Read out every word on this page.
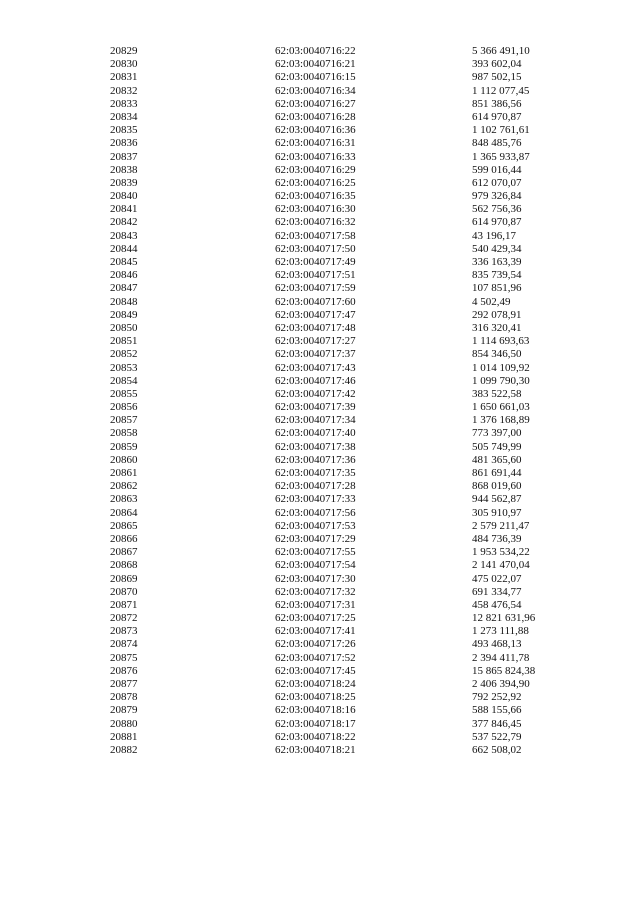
20829	62:03:0040716:22	5 366 491,10
20830	62:03:0040716:21	393 602,04
20831	62:03:0040716:15	987 502,15
20832	62:03:0040716:34	1 112 077,45
20833	62:03:0040716:27	851 386,56
20834	62:03:0040716:28	614 970,87
20835	62:03:0040716:36	1 102 761,61
20836	62:03:0040716:31	848 485,76
20837	62:03:0040716:33	1 365 933,87
20838	62:03:0040716:29	599 016,44
20839	62:03:0040716:25	612 070,07
20840	62:03:0040716:35	979 326,84
20841	62:03:0040716:30	562 756,36
20842	62:03:0040716:32	614 970,87
20843	62:03:0040717:58	43 196,17
20844	62:03:0040717:50	540 429,34
20845	62:03:0040717:49	336 163,39
20846	62:03:0040717:51	835 739,54
20847	62:03:0040717:59	107 851,96
20848	62:03:0040717:60	4 502,49
20849	62:03:0040717:47	292 078,91
20850	62:03:0040717:48	316 320,41
20851	62:03:0040717:27	1 114 693,63
20852	62:03:0040717:37	854 346,50
20853	62:03:0040717:43	1 014 109,92
20854	62:03:0040717:46	1 099 790,30
20855	62:03:0040717:42	383 522,58
20856	62:03:0040717:39	1 650 661,03
20857	62:03:0040717:34	1 376 168,89
20858	62:03:0040717:40	773 397,00
20859	62:03:0040717:38	505 749,99
20860	62:03:0040717:36	481 365,60
20861	62:03:0040717:35	861 691,44
20862	62:03:0040717:28	868 019,60
20863	62:03:0040717:33	944 562,87
20864	62:03:0040717:56	305 910,97
20865	62:03:0040717:53	2 579 211,47
20866	62:03:0040717:29	484 736,39
20867	62:03:0040717:55	1 953 534,22
20868	62:03:0040717:54	2 141 470,04
20869	62:03:0040717:30	475 022,07
20870	62:03:0040717:32	691 334,77
20871	62:03:0040717:31	458 476,54
20872	62:03:0040717:25	12 821 631,96
20873	62:03:0040717:41	1 273 111,88
20874	62:03:0040717:26	493 468,13
20875	62:03:0040717:52	2 394 411,78
20876	62:03:0040717:45	15 865 824,38
20877	62:03:0040718:24	2 406 394,90
20878	62:03:0040718:25	792 252,92
20879	62:03:0040718:16	588 155,66
20880	62:03:0040718:17	377 846,45
20881	62:03:0040718:22	537 522,79
20882	62:03:0040718:21	662 508,02
